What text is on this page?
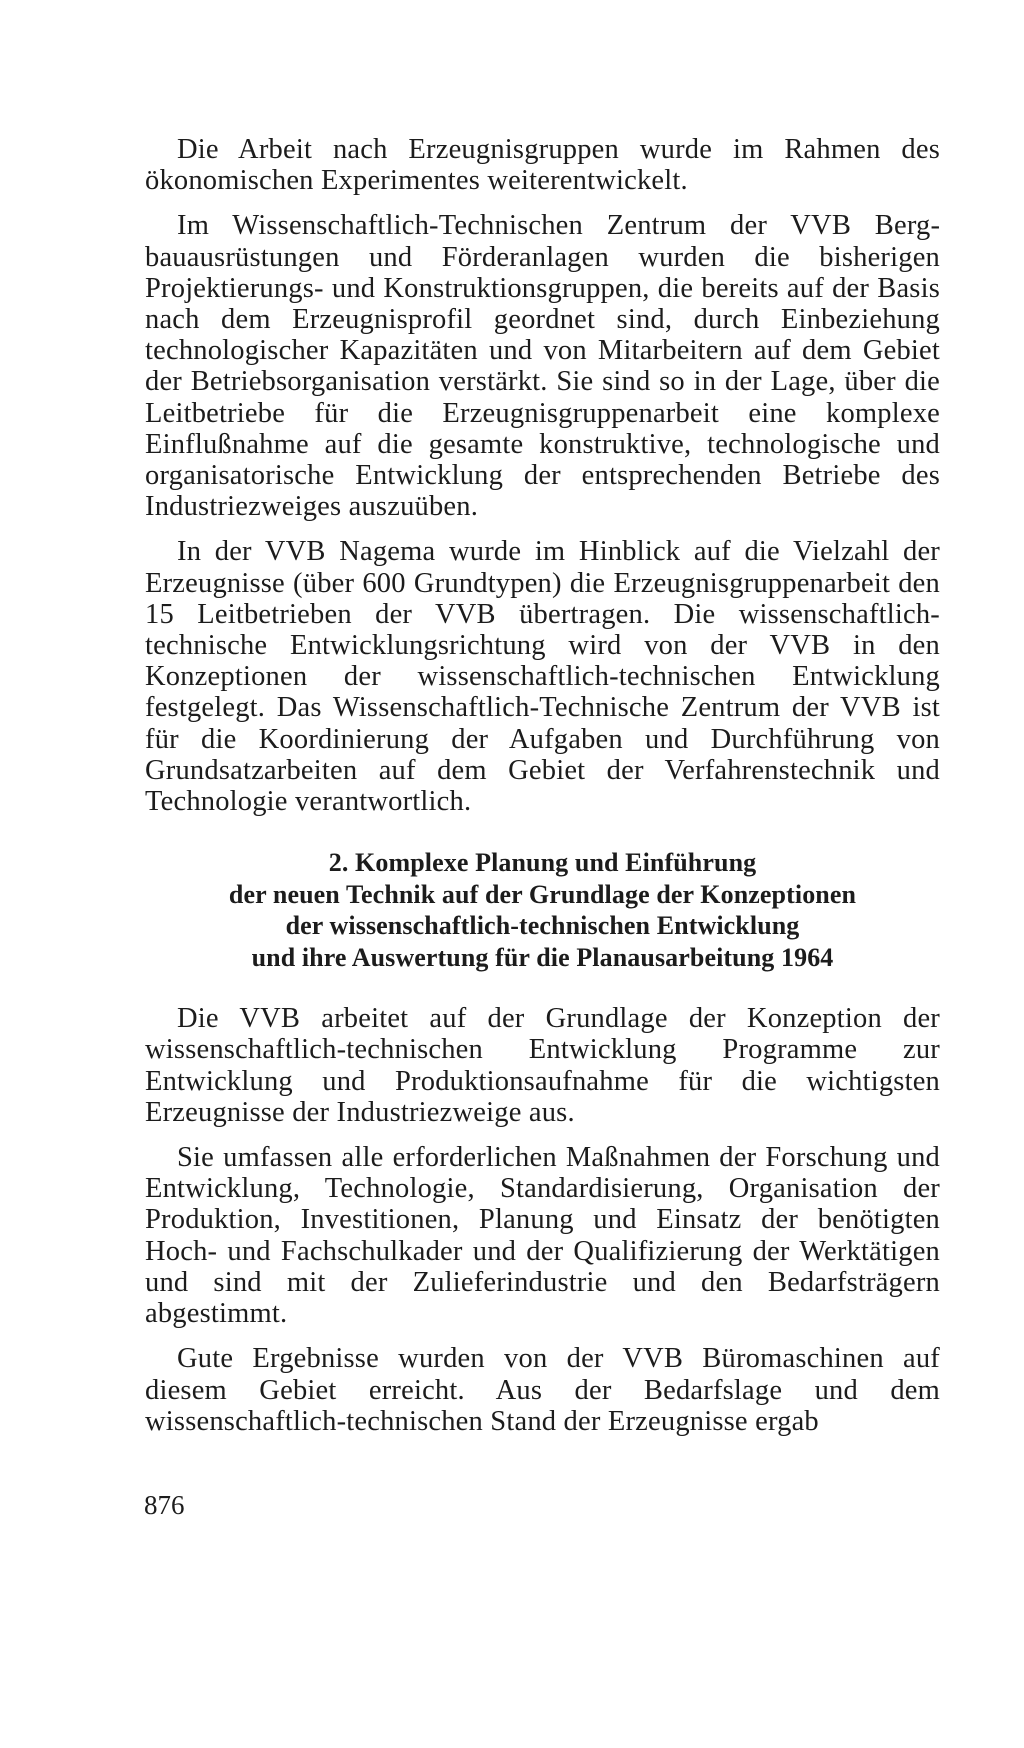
Die Arbeit nach Erzeugnisgruppen wurde im Rahmen des ökonomischen Experimentes weiterentwickelt.

Im Wissenschaftlich-Technischen Zentrum der VVB Bergbauausrüstungen und Förderanlagen wurden die bisherigen Projektierungs- und Konstruktionsgruppen, die bereits auf der Basis nach dem Erzeugnisprofil geordnet sind, durch Einbeziehung technologischer Kapazitäten und von Mitarbeitern auf dem Gebiet der Betriebsorganisation verstärkt. Sie sind so in der Lage, über die Leitbetriebe für die Erzeugnisgruppenarbeit eine komplexe Einflußnahme auf die gesamte konstruktive, technologische und organisatorische Entwicklung der entsprechenden Betriebe des Industriezweiges auszuüben.

In der VVB Nagema wurde im Hinblick auf die Vielzahl der Erzeugnisse (über 600 Grundtypen) die Erzeugnisgruppenarbeit den 15 Leitbetrieben der VVB übertragen. Die wissenschaftlich-technische Entwicklungsrichtung wird von der VVB in den Konzeptionen der wissenschaftlich-technischen Entwicklung festgelegt. Das Wissenschaftlich-Technische Zentrum der VVB ist für die Koordinierung der Aufgaben und Durchführung von Grundsatzarbeiten auf dem Gebiet der Verfahrenstechnik und Technologie verantwortlich.

2. Komplexe Planung und Einführung
der neuen Technik auf der Grundlage der Konzeptionen
der wissenschaftlich-technischen Entwicklung
und ihre Auswertung für die Planausarbeitung 1964

Die VVB arbeitet auf der Grundlage der Konzeption der wissenschaftlich-technischen Entwicklung Programme zur Entwicklung und Produktionsaufnahme für die wichtigsten Erzeugnisse der Industriezweige aus.

Sie umfassen alle erforderlichen Maßnahmen der Forschung und Entwicklung, Technologie, Standardisierung, Organisation der Produktion, Investitionen, Planung und Einsatz der benötigten Hoch- und Fachschulkader und der Qualifizierung der Werktätigen und sind mit der Zulieferindustrie und den Bedarfsträgern abgestimmt.

Gute Ergebnisse wurden von der VVB Büromaschinen auf diesem Gebiet erreicht. Aus der Bedarfslage und dem wissenschaftlich-technischen Stand der Erzeugnisse ergab

876
